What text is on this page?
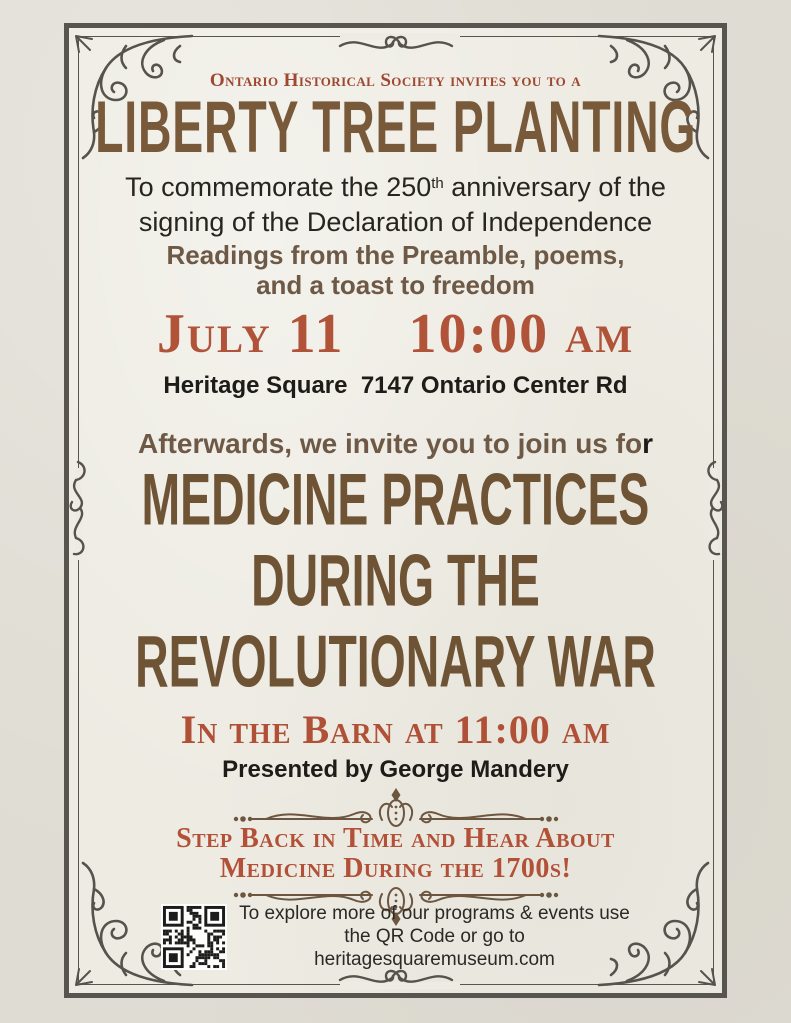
Ontario Historical Society invites you to a
LIBERTY TREE PLANTING
To commemorate the 250th anniversary of the
signing of the Declaration of Independence
Readings from the Preamble, poems,
and a toast to freedom
July 11    10:00 am
Heritage Square  7147 Ontario Center Rd
Afterwards, we invite you to join us for
MEDICINE PRACTICES
DURING THE
REVOLUTIONARY WAR
In the Barn at 11:00 am
Presented by George Mandery
Step Back in Time and Hear About
Medicine During the 1700s!
To explore more of our programs & events use
the QR Code or go to
heritagesquaremuseum.com
